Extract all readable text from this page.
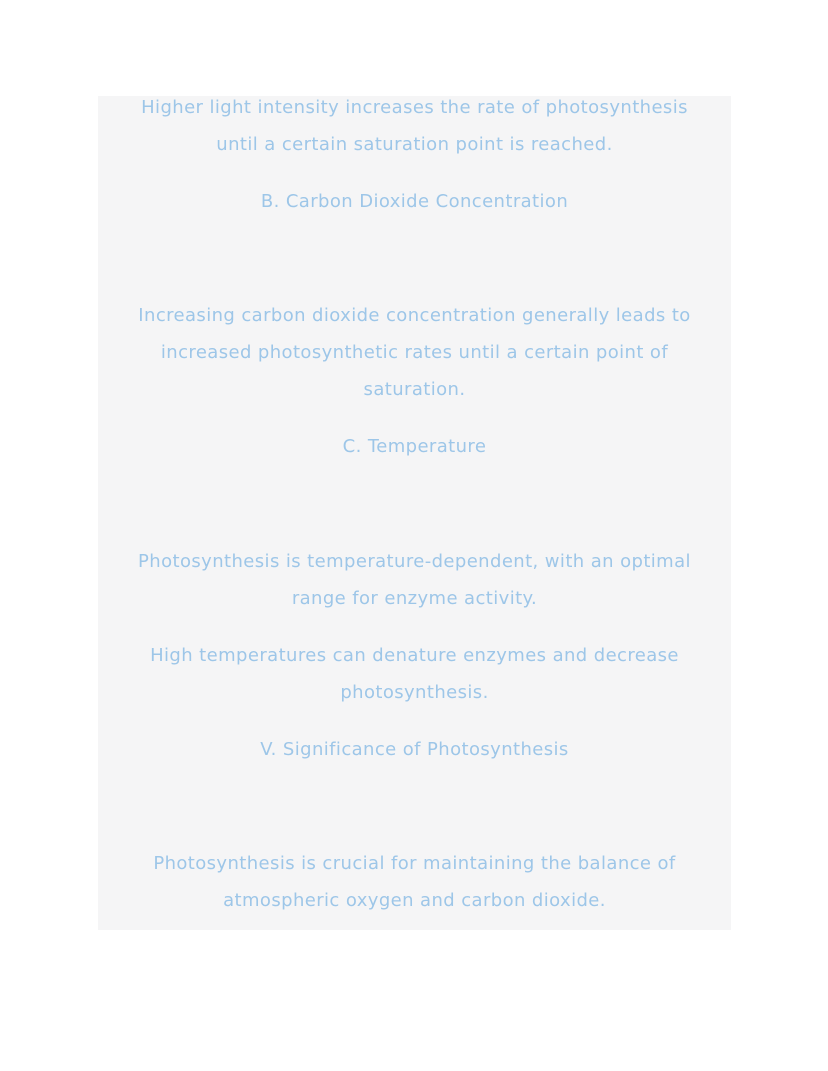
Higher light intensity increases the rate of photosynthesis
until a certain saturation point is reached.
B. Carbon Dioxide Concentration
Increasing carbon dioxide concentration generally leads to
increased photosynthetic rates until a certain point of
saturation.
C. Temperature
Photosynthesis is temperature-dependent, with an optimal
range for enzyme activity.
High temperatures can denature enzymes and decrease
photosynthesis.
V. Significance of Photosynthesis
Photosynthesis is crucial for maintaining the balance of
atmospheric oxygen and carbon dioxide.
